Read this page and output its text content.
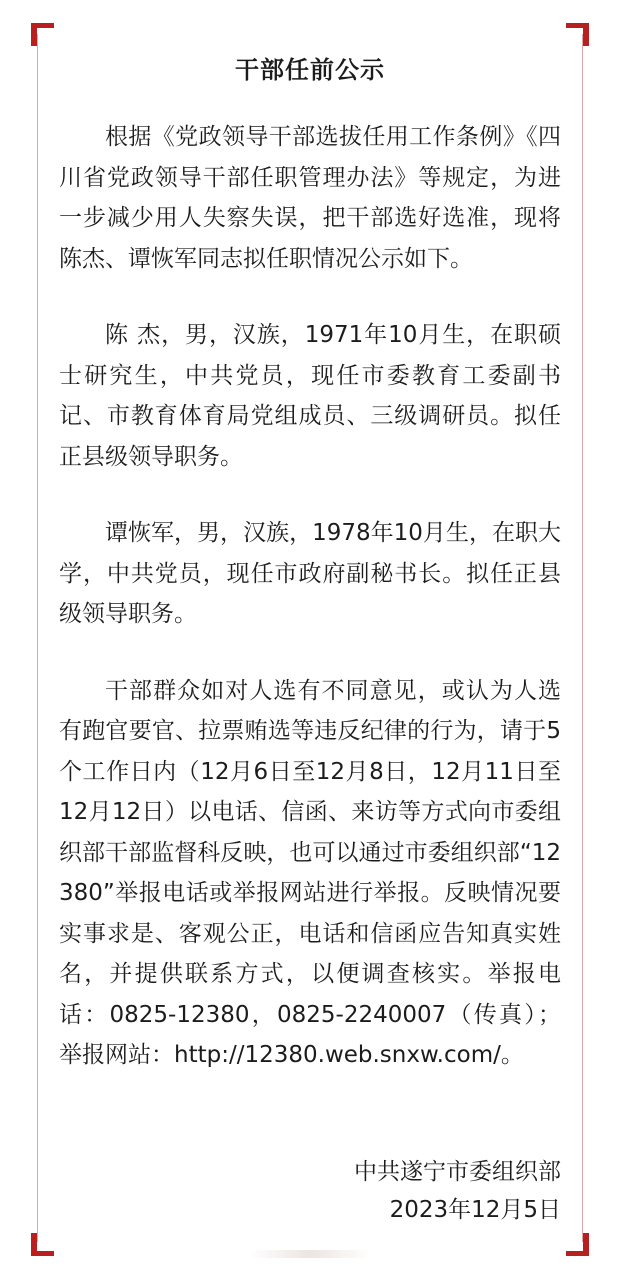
干部任前公示

根据《党政领导干部选拔任用工作条例》《四川省党政领导干部任职管理办法》等规定，为进一步减少用人失察失误，把干部选好选准，现将陈杰、谭恢军同志拟任职情况公示如下。

陈 杰，男，汉族，1971年10月生，在职硕士研究生，中共党员，现任市委教育工委副书记、市教育体育局党组成员、三级调研员。拟任正县级领导职务。

谭恢军，男，汉族，1978年10月生，在职大学，中共党员，现任市政府副秘书长。拟任正县级领导职务。

干部群众如对人选有不同意见，或认为人选有跑官要官、拉票贿选等违反纪律的行为，请于5个工作日内（12月6日至12月8日，12月11日至12月12日）以电话、信函、来访等方式向市委组织部干部监督科反映，也可以通过市委组织部“12380”举报电话或举报网站进行举报。反映情况要实事求是、客观公正，电话和信函应告知真实姓名，并提供联系方式，以便调查核实。举报电话：0825-12380，0825-2240007（传真）；举报网站：http://12380.web.snxw.com/。

中共遂宁市委组织部
2023年12月5日
